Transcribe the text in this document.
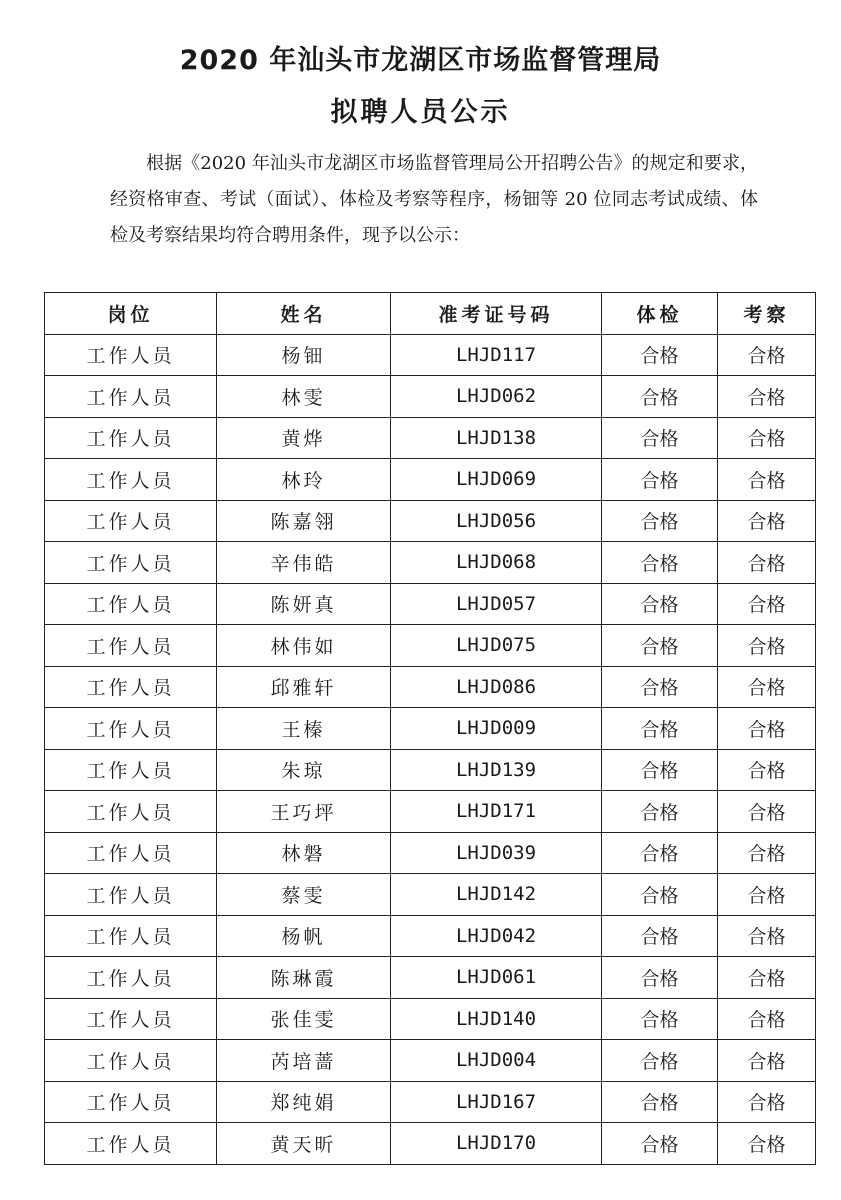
2020 年汕头市龙湖区市场监督管理局
拟聘人员公示

根据《2020 年汕头市龙湖区市场监督管理局公开招聘公告》的规定和要求，经资格审查、考试（面试）、体检及考察等程序，杨钿等 20 位同志考试成绩、体检及考察结果均符合聘用条件，现予以公示：

岗位	姓名	准考证号码	体检	考察
工作人员	杨钿	LHJD117	合格	合格
工作人员	林雯	LHJD062	合格	合格
工作人员	黄烨	LHJD138	合格	合格
工作人员	林玲	LHJD069	合格	合格
工作人员	陈嘉翎	LHJD056	合格	合格
工作人员	辛伟皓	LHJD068	合格	合格
工作人员	陈妍真	LHJD057	合格	合格
工作人员	林伟如	LHJD075	合格	合格
工作人员	邱雅轩	LHJD086	合格	合格
工作人员	王榛	LHJD009	合格	合格
工作人员	朱琼	LHJD139	合格	合格
工作人员	王巧坪	LHJD171	合格	合格
工作人员	林磐	LHJD039	合格	合格
工作人员	蔡雯	LHJD142	合格	合格
工作人员	杨帆	LHJD042	合格	合格
工作人员	陈琳霞	LHJD061	合格	合格
工作人员	张佳雯	LHJD140	合格	合格
工作人员	芮培蔷	LHJD004	合格	合格
工作人员	郑纯娟	LHJD167	合格	合格
工作人员	黄天昕	LHJD170	合格	合格
